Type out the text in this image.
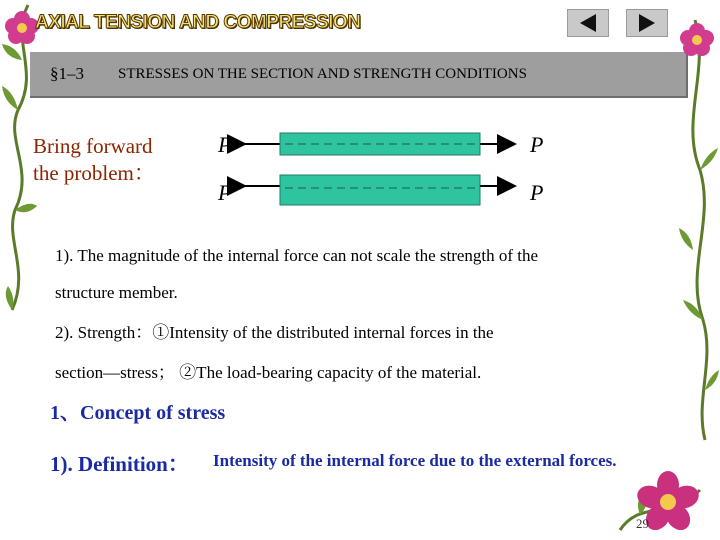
AXIAL TENSION AND COMPRESSION
§1–3 STRESSES ON THE SECTION AND STRENGTH CONDITIONS
Bring forward
the problem：
P	P
P	P
1). The magnitude of the internal force can not scale the strength of the
structure member.
2). Strength：①Intensity of the distributed internal forces in the
section—stress； ②The load-bearing capacity of the material.
1、Concept of stress
1). Definition： Intensity of the internal force due to the external forces.
29
